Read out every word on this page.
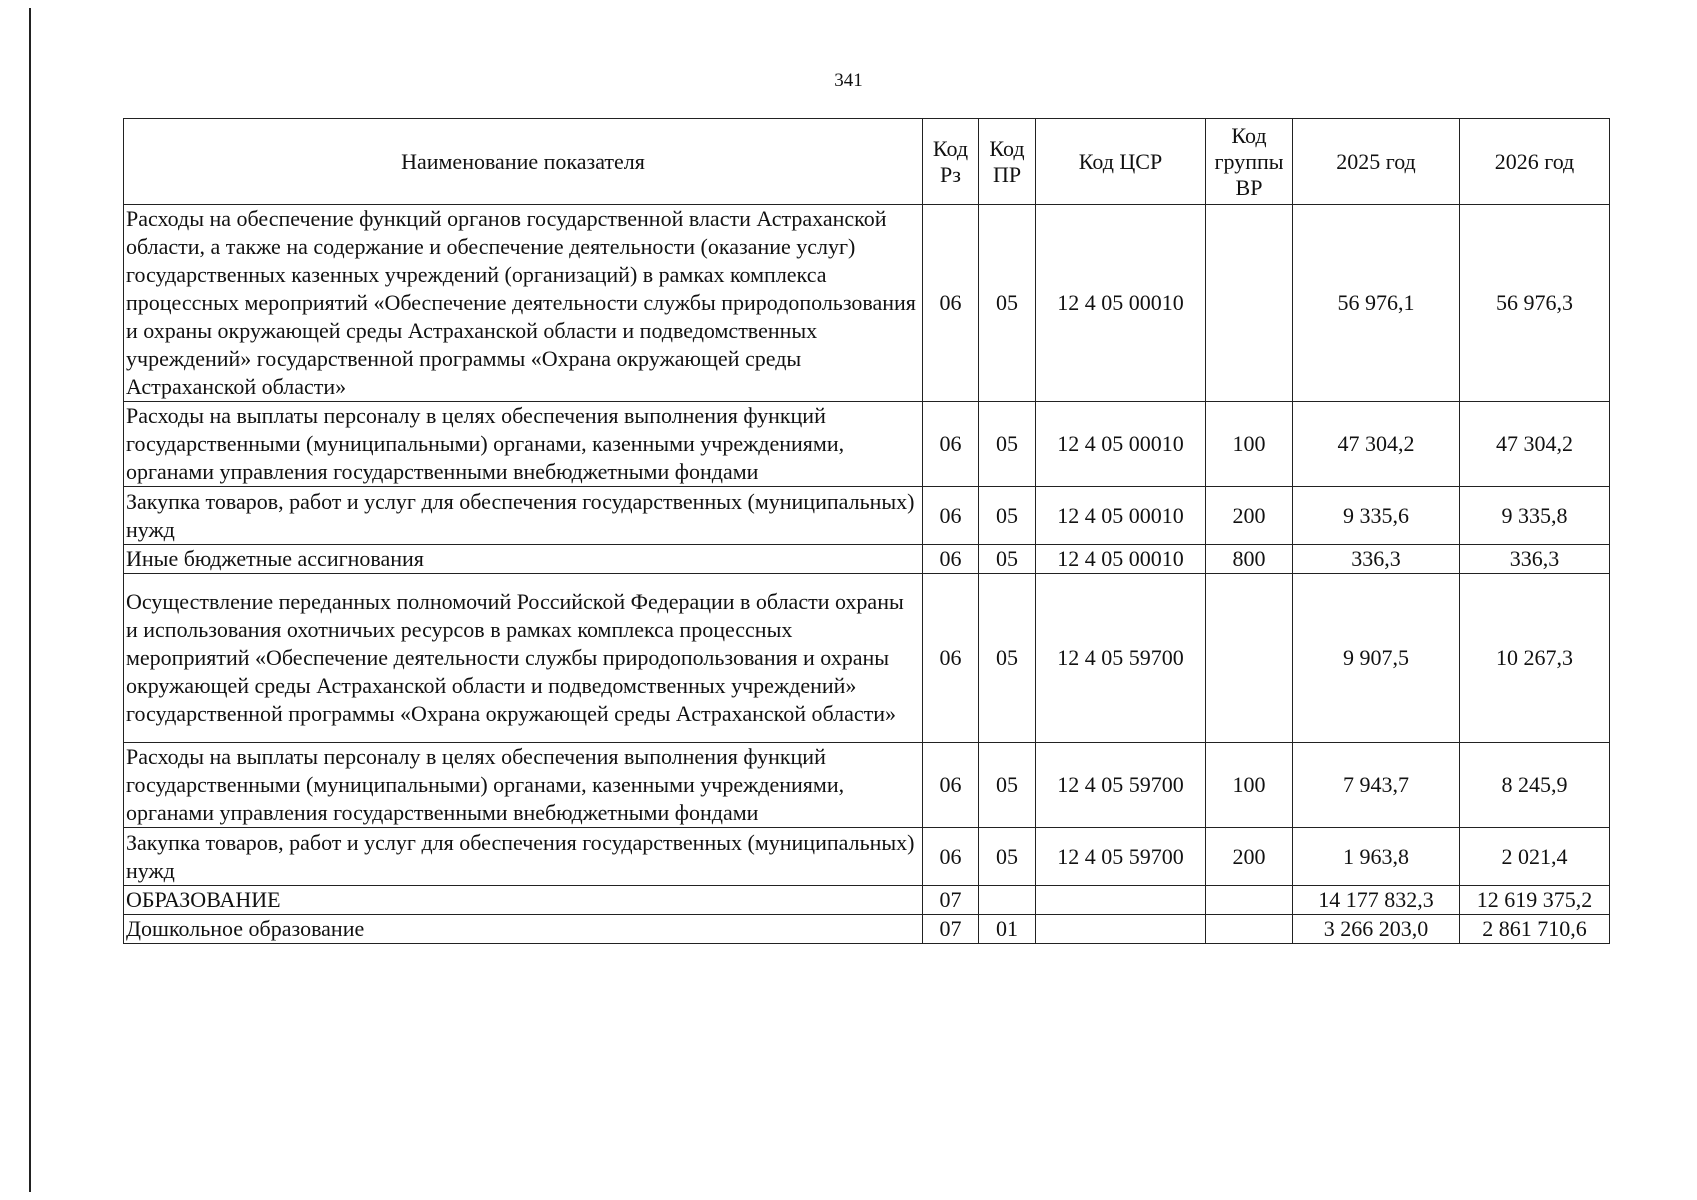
341
Наименование показателя	Код Рз	Код ПР	Код ЦСР	Код группы ВР	2025 год	2026 год
Расходы на обеспечение функций органов государственной власти Астраханской области, а также на содержание и обеспечение деятельности (оказание услуг) государственных казенных учреждений (организаций) в рамках комплекса процессных мероприятий «Обеспечение деятельности службы природопользования и охраны окружающей среды Астраханской области и подведомственных учреждений» государственной программы «Охрана окружающей среды Астраханской области»	06	05	12 4 05 00010		56 976,1	56 976,3
Расходы на выплаты персоналу в целях обеспечения выполнения функций государственными (муниципальными) органами, казенными учреждениями, органами управления государственными внебюджетными фондами	06	05	12 4 05 00010	100	47 304,2	47 304,2
Закупка товаров, работ и услуг для обеспечения государственных (муниципальных) нужд	06	05	12 4 05 00010	200	9 335,6	9 335,8
Иные бюджетные ассигнования	06	05	12 4 05 00010	800	336,3	336,3
Осуществление переданных полномочий Российской Федерации в области охраны и использования охотничьих ресурсов в рамках комплекса процессных мероприятий «Обеспечение деятельности службы природопользования и охраны окружающей среды Астраханской области и подведомственных учреждений» государственной программы «Охрана окружающей среды Астраханской области»	06	05	12 4 05 59700		9 907,5	10 267,3
Расходы на выплаты персоналу в целях обеспечения выполнения функций государственными (муниципальными) органами, казенными учреждениями, органами управления государственными внебюджетными фондами	06	05	12 4 05 59700	100	7 943,7	8 245,9
Закупка товаров, работ и услуг для обеспечения государственных (муниципальных) нужд	06	05	12 4 05 59700	200	1 963,8	2 021,4
ОБРАЗОВАНИЕ	07				14 177 832,3	12 619 375,2
Дошкольное образование	07	01			3 266 203,0	2 861 710,6
